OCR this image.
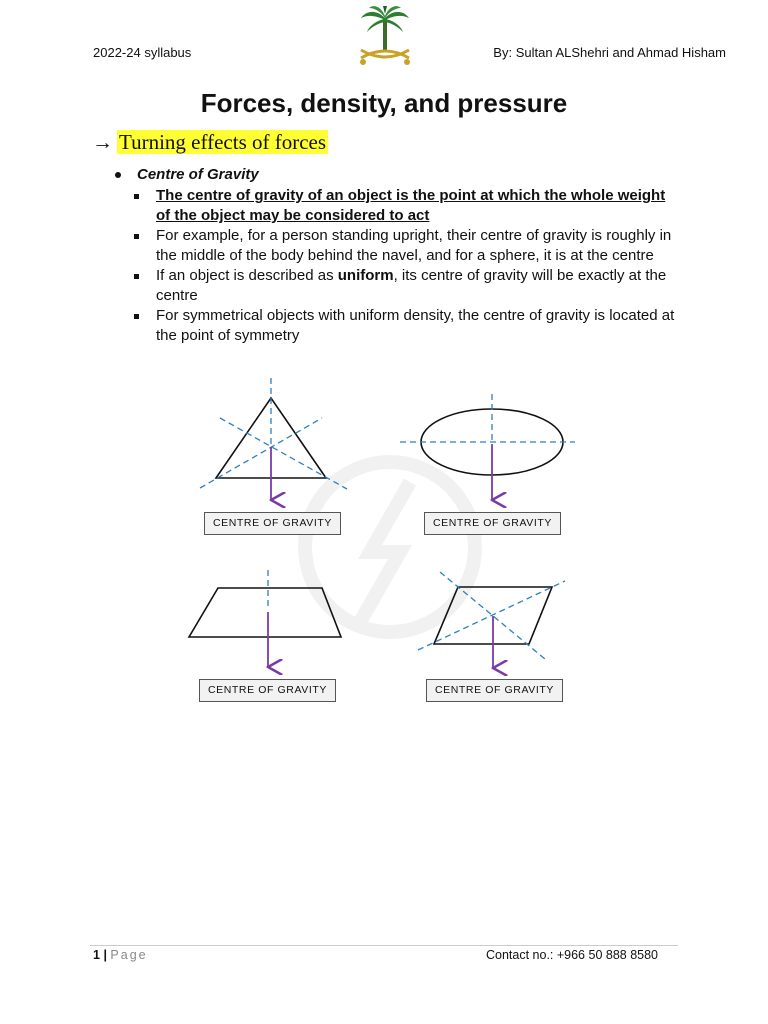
2022-24 syllabus	By: Sultan ALShehri and Ahmad Hisham
Forces, density, and pressure
→ Turning effects of forces
Centre of Gravity

The centre of gravity of an object is the point at which the whole weight of the object may be considered to act

For example, for a person standing upright, their centre of gravity is roughly in the middle of the body behind the navel, and for a sphere, it is at the centre

If an object is described as uniform, its centre of gravity will be exactly at the centre

For symmetrical objects with uniform density, the centre of gravity is located at the point of symmetry

CENTRE OF GRAVITY	CENTRE OF GRAVITY
CENTRE OF GRAVITY	CENTRE OF GRAVITY
1 | Page	Contact no.: +966 50 888 8580
